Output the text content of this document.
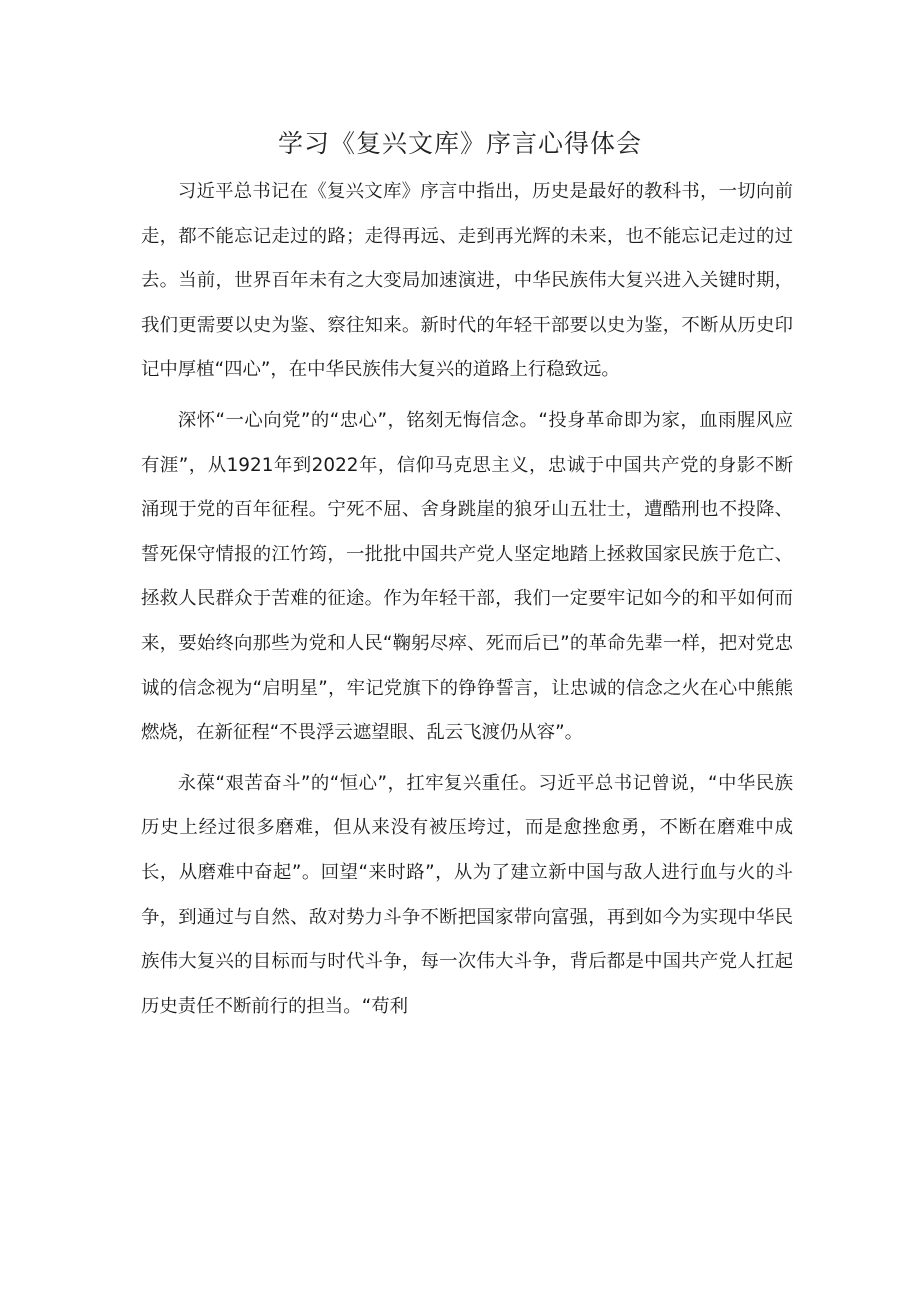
学习《复兴文库》序言心得体会

习近平总书记在《复兴文库》序言中指出，历史是最好的教科书，一切向前走，都不能忘记走过的路；走得再远、走到再光辉的未来，也不能忘记走过的过去。当前，世界百年未有之大变局加速演进，中华民族伟大复兴进入关键时期，我们更需要以史为鉴、察往知来。新时代的年轻干部要以史为鉴，不断从历史印记中厚植“四心”，在中华民族伟大复兴的道路上行稳致远。

深怀“一心向党”的“忠心”，铭刻无悔信念。“投身革命即为家，血雨腥风应有涯”，从1921年到2022年，信仰马克思主义，忠诚于中国共产党的身影不断涌现于党的百年征程。宁死不屈、舍身跳崖的狼牙山五壮士，遭酷刑也不投降、誓死保守情报的江竹筠，一批批中国共产党人坚定地踏上拯救国家民族于危亡、拯救人民群众于苦难的征途。作为年轻干部，我们一定要牢记如今的和平如何而来，要始终向那些为党和人民“鞠躬尽瘁、死而后已”的革命先辈一样，把对党忠诚的信念视为“启明星”，牢记党旗下的铮铮誓言，让忠诚的信念之火在心中熊熊燃烧，在新征程“不畏浮云遮望眼、乱云飞渡仍从容”。

永葆“艰苦奋斗”的“恒心”，扛牢复兴重任。习近平总书记曾说，“中华民族历史上经过很多磨难，但从来没有被压垮过，而是愈挫愈勇，不断在磨难中成长，从磨难中奋起”。回望“来时路”，从为了建立新中国与敌人进行血与火的斗争，到通过与自然、敌对势力斗争不断把国家带向富强，再到如今为实现中华民族伟大复兴的目标而与时代斗争，每一次伟大斗争，背后都是中国共产党人扛起历史责任不断前行的担当。“苟利
